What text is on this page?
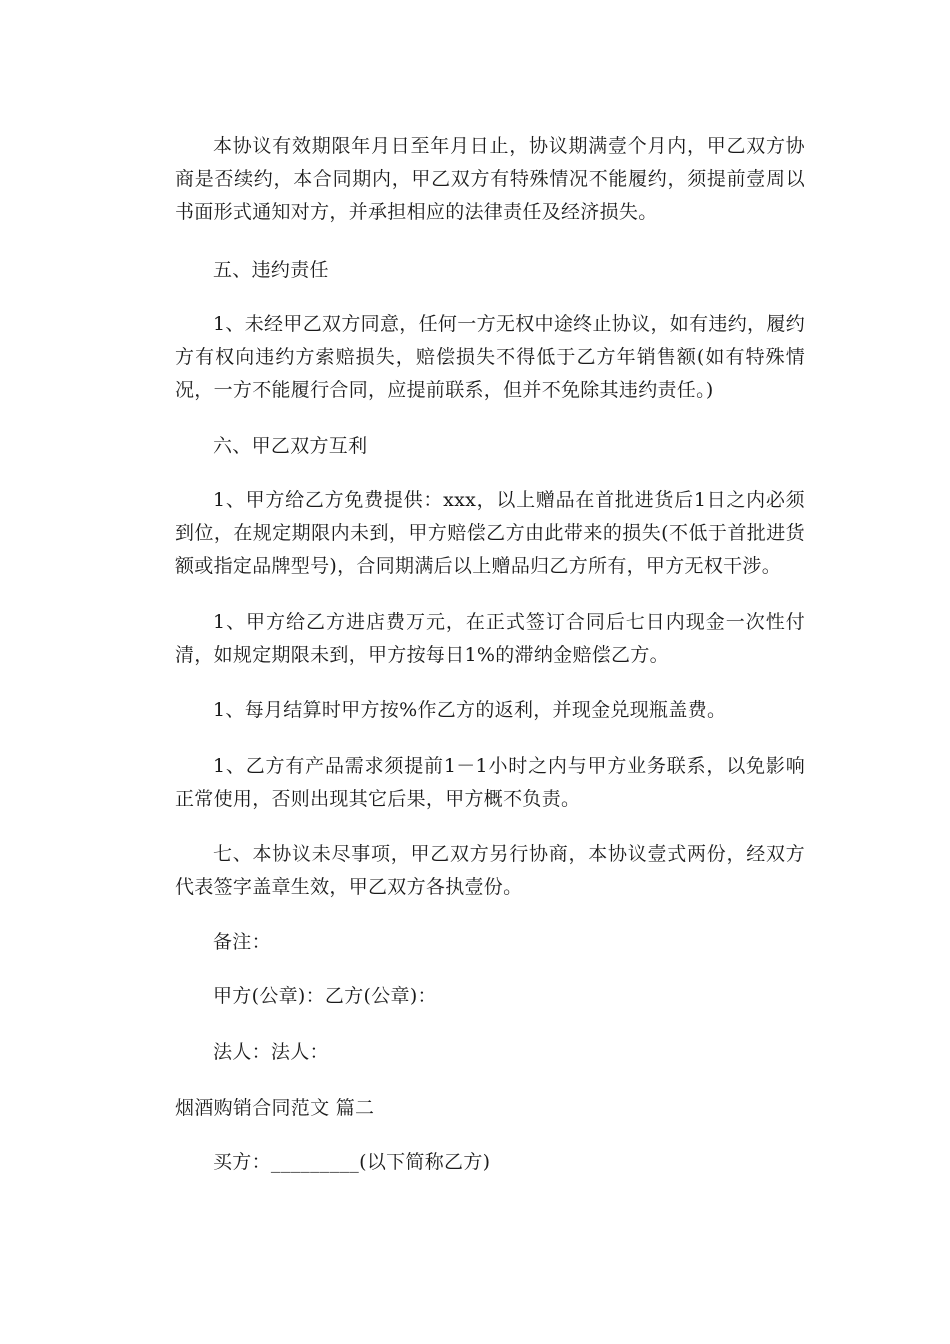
本协议有效期限年月日至年月日止，协议期满壹个月内，甲乙双方协商是否续约，本合同期内，甲乙双方有特殊情况不能履约，须提前壹周以书面形式通知对方，并承担相应的法律责任及经济损失。

五、违约责任

1、未经甲乙双方同意，任何一方无权中途终止协议，如有违约，履约方有权向违约方索赔损失，赔偿损失不得低于乙方年销售额(如有特殊情况，一方不能履行合同，应提前联系，但并不免除其违约责任。)

六、甲乙双方互利

1、甲方给乙方免费提供：xxx，以上赠品在首批进货后1日之内必须到位，在规定期限内未到，甲方赔偿乙方由此带来的损失(不低于首批进货额或指定品牌型号)，合同期满后以上赠品归乙方所有，甲方无权干涉。

1、甲方给乙方进店费万元，在正式签订合同后七日内现金一次性付清，如规定期限未到，甲方按每日1%的滞纳金赔偿乙方。

1、每月结算时甲方按%作乙方的返利，并现金兑现瓶盖费。

1、乙方有产品需求须提前1－1小时之内与甲方业务联系，以免影响正常使用，否则出现其它后果，甲方概不负责。

七、本协议未尽事项，甲乙双方另行协商，本协议壹式两份，经双方代表签字盖章生效，甲乙双方各执壹份。

备注：

甲方(公章)：乙方(公章)：

法人：法人：

烟酒购销合同范文 篇二

买方：_________(以下简称乙方)
